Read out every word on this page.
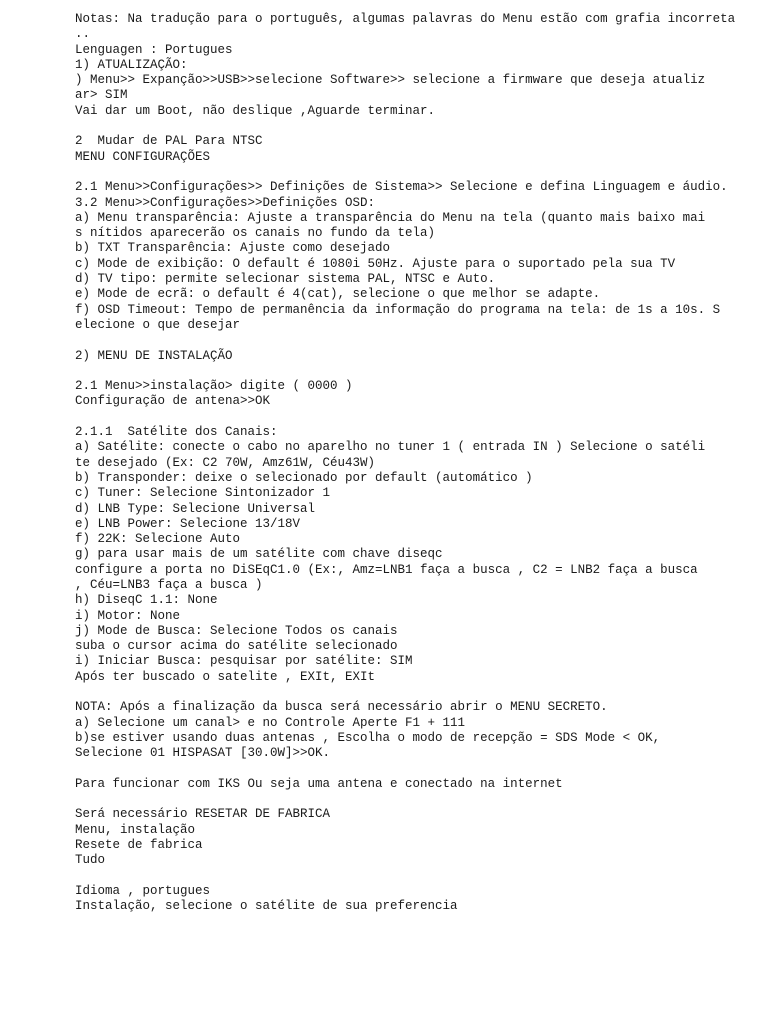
Notas: Na tradução para o português, algumas palavras do Menu estão com grafia incorreta
..
Lenguagen : Portugues
1) ATUALIZAÇÃO:
) Menu>> Expanção>>USB>>selecione Software>> selecione a firmware que deseja atualiz
ar> SIM
Vai dar um Boot, não deslique ,Aguarde terminar.
2  Mudar de PAL Para NTSC
MENU CONFIGURAÇÕES
2.1 Menu>>Configurações>> Definições de Sistema>> Selecione e defina Linguagem e áudio.
3.2 Menu>>Configurações>>Definições OSD:
a) Menu transparência: Ajuste a transparência do Menu na tela (quanto mais baixo mai
s nítidos aparecerão os canais no fundo da tela)
b) TXT Transparência: Ajuste como desejado
c) Mode de exibição: O default é 1080i 50Hz. Ajuste para o suportado pela sua TV
d) TV tipo: permite selecionar sistema PAL, NTSC e Auto.
e) Mode de ecrã: o default é 4(cat), selecione o que melhor se adapte.
f) OSD Timeout: Tempo de permanência da informação do programa na tela: de 1s a 10s. S
elecione o que desejar
2) MENU DE INSTALAÇÃO
2.1 Menu>>instalação> digite ( 0000 )
Configuração de antena>>OK
2.1.1  Satélite dos Canais:
a) Satélite: conecte o cabo no aparelho no tuner 1 ( entrada IN ) Selecione o satéli
te desejado (Ex: C2 70W, Amz61W, Céu43W)
b) Transponder: deixe o selecionado por default (automático )
c) Tuner: Selecione Sintonizador 1
d) LNB Type: Selecione Universal
e) LNB Power: Selecione 13/18V
f) 22K: Selecione Auto
g) para usar mais de um satélite com chave diseqc
configure a porta no DiSEqC1.0 (Ex:, Amz=LNB1 faça a busca , C2 = LNB2 faça a busca
, Céu=LNB3 faça a busca )
h) DiseqC 1.1: None
i) Motor: None
j) Mode de Busca: Selecione Todos os canais
suba o cursor acima do satélite selecionado
i) Iniciar Busca: pesquisar por satélite: SIM
Após ter buscado o satelite , EXIt, EXIt
NOTA: Após a finalização da busca será necessário abrir o MENU SECRETO.
a) Selecione um canal> e no Controle Aperte F1 + 111
b)se estiver usando duas antenas , Escolha o modo de recepção = SDS Mode < OK,
Selecione 01 HISPASAT [30.0W]>>OK.
Para funcionar com IKS Ou seja uma antena e conectado na internet
Será necessário RESETAR DE FABRICA
Menu, instalação
Resete de fabrica
Tudo
Idioma , portugues
Instalação, selecione o satélite de sua preferencia
